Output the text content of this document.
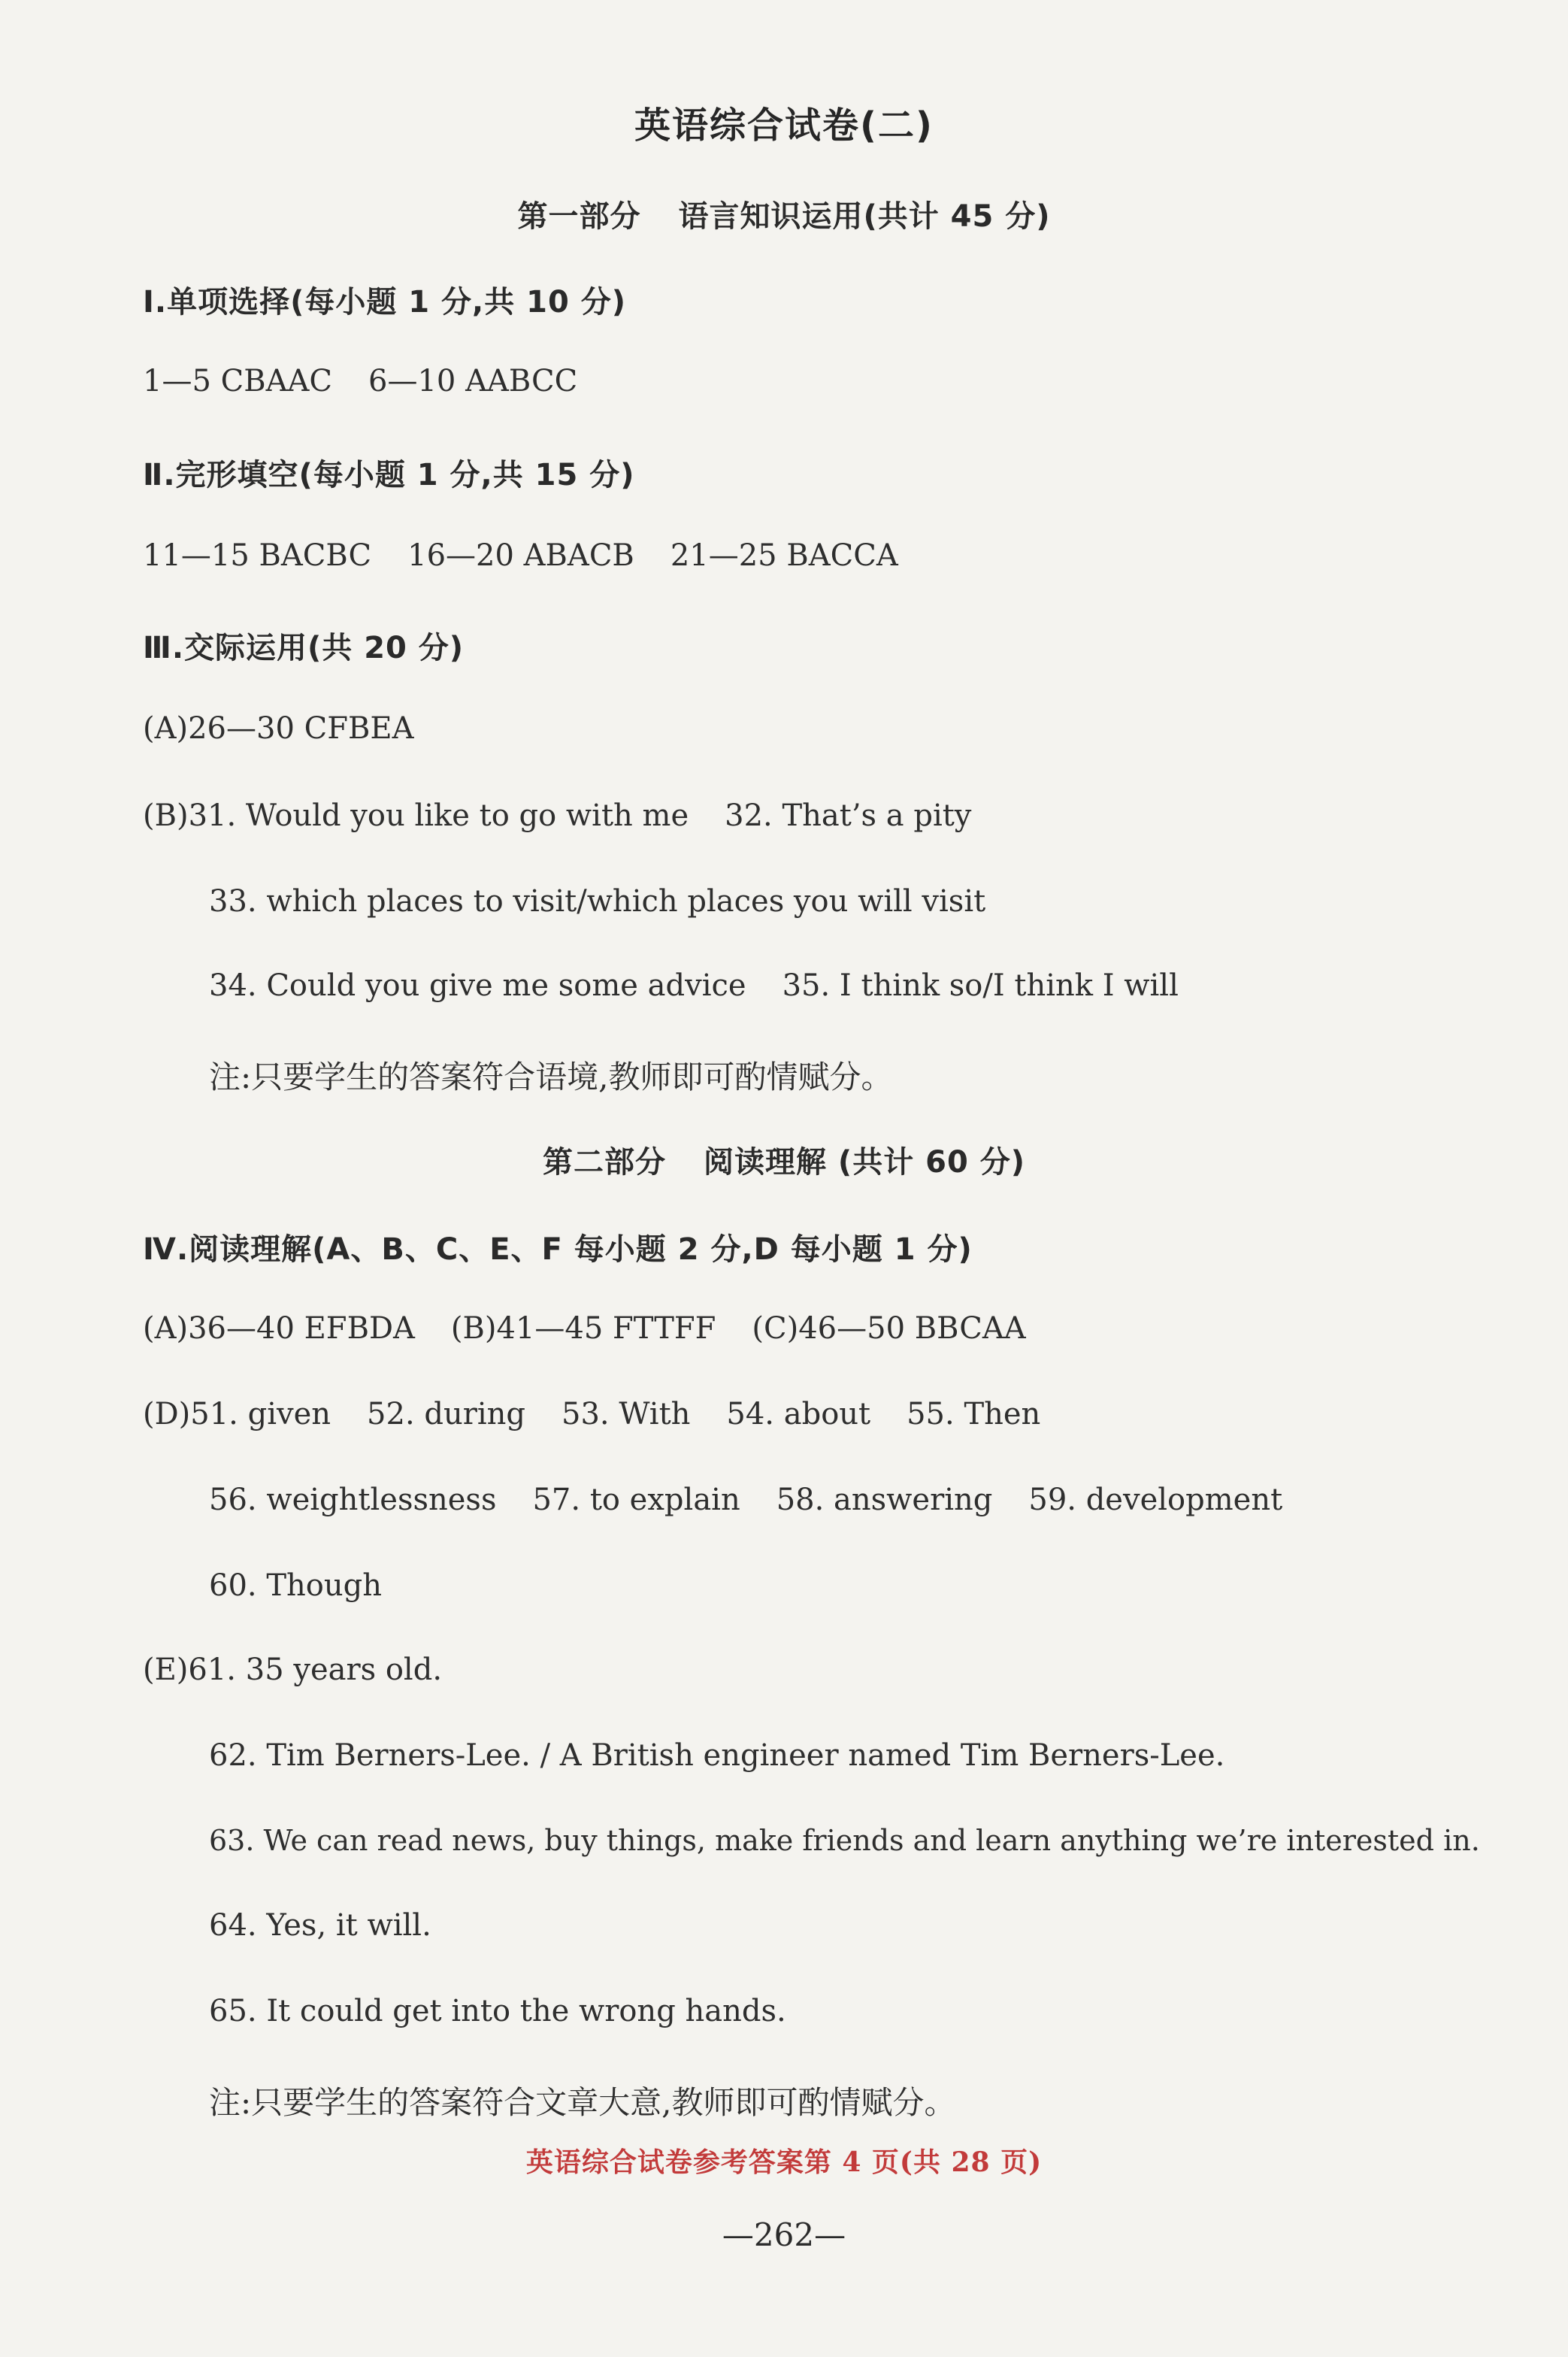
英语综合试卷(二)
第一部分 语言知识运用(共计 45 分)
Ⅰ.单项选择(每小题 1 分,共 10 分)
1—5 CBAAC 6—10 AABCC
Ⅱ.完形填空(每小题 1 分,共 15 分)
11—15 BACBC 16—20 ABACB 21—25 BACCA
Ⅲ.交际运用(共 20 分)
(A)26—30 CFBEA
(B)31. Would you like to go with me 32. That’s a pity
33. which places to visit/which places you will visit
34. Could you give me some advice 35. I think so/I think I will
注:只要学生的答案符合语境,教师即可酌情赋分。
第二部分 阅读理解 (共计 60 分)
Ⅳ.阅读理解(A、B、C、E、F 每小题 2 分,D 每小题 1 分)
(A)36—40 EFBDA (B)41—45 FTTFF (C)46—50 BBCAA
(D)51. given 52. during 53. With 54. about 55. Then
56. weightlessness 57. to explain 58. answering 59. development
60. Though
(E)61. 35 years old.
62. Tim Berners-Lee. / A British engineer named Tim Berners-Lee.
63. We can read news, buy things, make friends and learn anything we’re interested in.
64. Yes, it will.
65. It could get into the wrong hands.
注:只要学生的答案符合文章大意,教师即可酌情赋分。
英语综合试卷参考答案第 4 页(共 28 页)
—262—
